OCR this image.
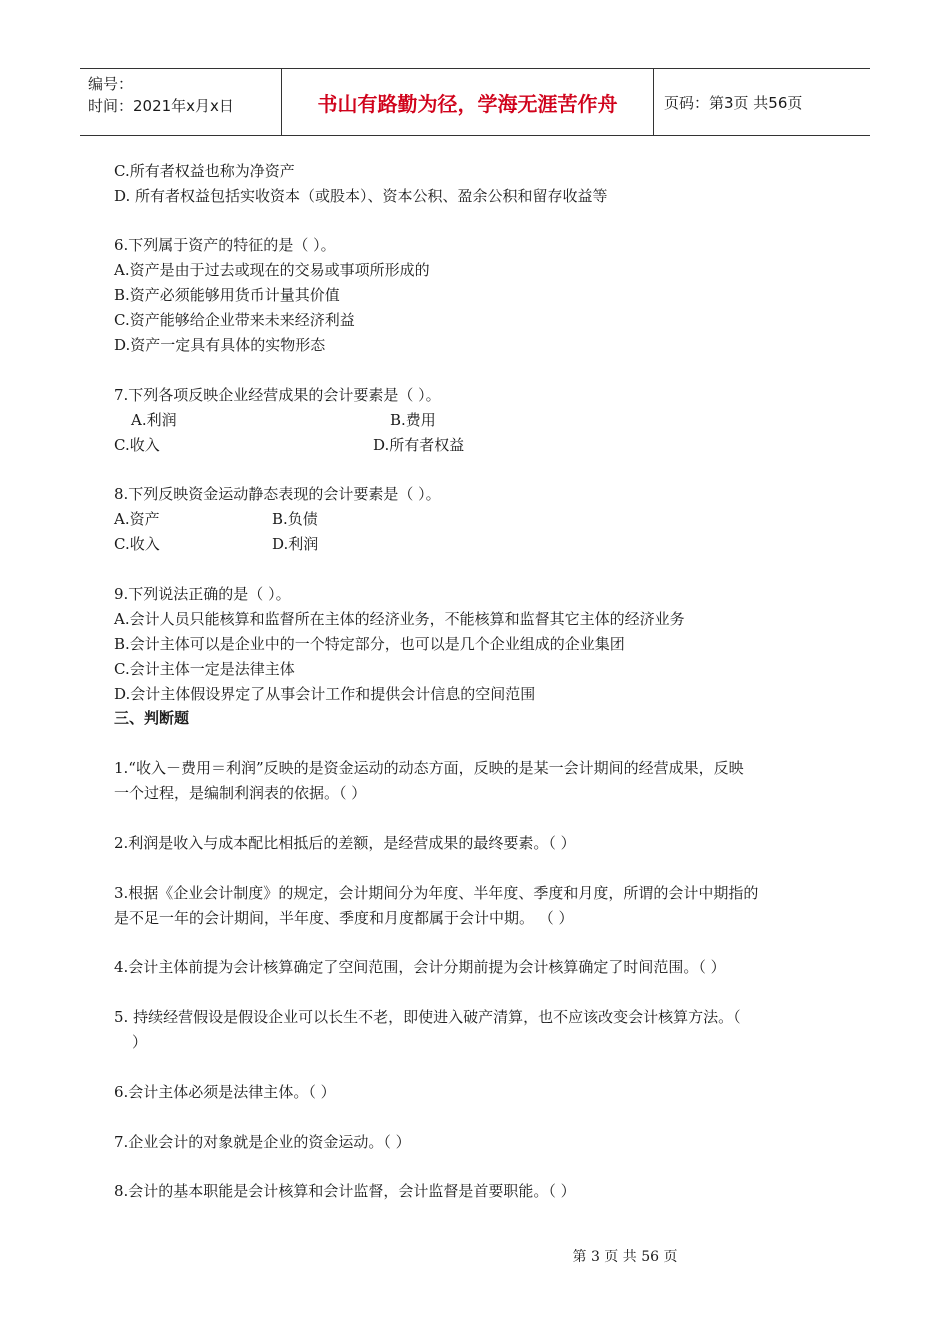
编号：
时间：2021年x月x日	书山有路勤为径，学海无涯苦作舟	页码：第3页 共56页
C.所有者权益也称为净资产
D. 所有者权益包括实收资本（或股本）、资本公积、盈余公积和留存收益等
6.下列属于资产的特征的是（ ）。
A.资产是由于过去或现在的交易或事项所形成的
B.资产必须能够用货币计量其价值
C.资产能够给企业带来未来经济利益
D.资产一定具有具体的实物形态
7.下列各项反映企业经营成果的会计要素是（ ）。
A.利润	B.费用
C.收入	D.所有者权益
8.下列反映资金运动静态表现的会计要素是（ ）。
A.资产	B.负债
C.收入	D.利润
9.下列说法正确的是（ ）。
A.会计人员只能核算和监督所在主体的经济业务，不能核算和监督其它主体的经济业务
B.会计主体可以是企业中的一个特定部分，也可以是几个企业组成的企业集团
C.会计主体一定是法律主体
D.会计主体假设界定了从事会计工作和提供会计信息的空间范围
三、判断题
1.“收入－费用＝利润”反映的是资金运动的动态方面，反映的是某一会计期间的经营成果，反映
一个过程，是编制利润表的依据。（ ）
2.利润是收入与成本配比相抵后的差额，是经营成果的最终要素。（ ）
3.根据《企业会计制度》的规定，会计期间分为年度、半年度、季度和月度，所谓的会计中期指的
是不足一年的会计期间，半年度、季度和月度都属于会计中期。 （ ）
4.会计主体前提为会计核算确定了空间范围，会计分期前提为会计核算确定了时间范围。（ ）
5. 持续经营假设是假设企业可以长生不老，即使进入破产清算，也不应该改变会计核算方法。（
）
6.会计主体必须是法律主体。（ ）
7.企业会计的对象就是企业的资金运动。（ ）
8.会计的基本职能是会计核算和会计监督，会计监督是首要职能。（ ）
第 3 页 共 56 页
